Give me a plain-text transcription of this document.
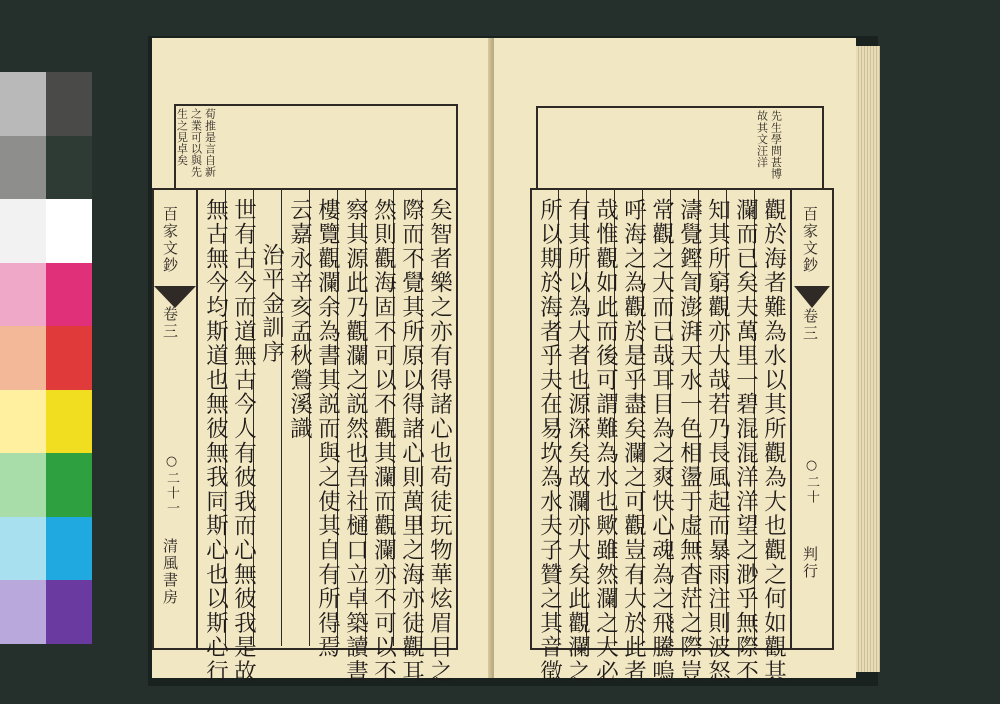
生之見卓矣 之業可以與先 荀推是言自新
百家文鈔
卷三
○二十一
清風書房	矣智者樂之亦有得諸心也苟徒玩物華炫眉目之
際而不覺其所原以得諸心則萬里之海亦徒觀耳
然則觀海固不可以不觀其瀾而觀瀾亦不可以不
察其源此乃觀瀾之説然也吾社樋口立卓築讀書
樓覽觀瀾余為書其説而與之使其自有所得焉
云嘉永辛亥孟秋鶯溪識
治平金訓序
世有古今而道無古今人有彼我而心無彼我是故
無古無今均斯道也無彼無我同斯心也以斯心行
故其文汪洋 先生學問甚博
百家文鈔
卷三
○二十
判行
觀於海者難為水以其所觀為大也觀之何如觀其
瀾而已矣夫萬里一碧混混洋洋望之渺乎無際不
知其所窮觀亦大哉若乃長風起而暴雨注則波怒
濤覺鏗訇澎湃天水一色相盪于虚無杳茫之際豈
常觀之大而已哉耳目為之爽快心魂為之飛騰嗚
呼海之為觀於是乎盡矣瀾之可觀豈有大於此者
哉惟觀如此而後可謂難為水也歟雖然瀾之大必
有其所以為大者也源深矣故瀾亦大矣此觀瀾之
所以期於海者乎夫在易坎為水夫子贊之其音徵
